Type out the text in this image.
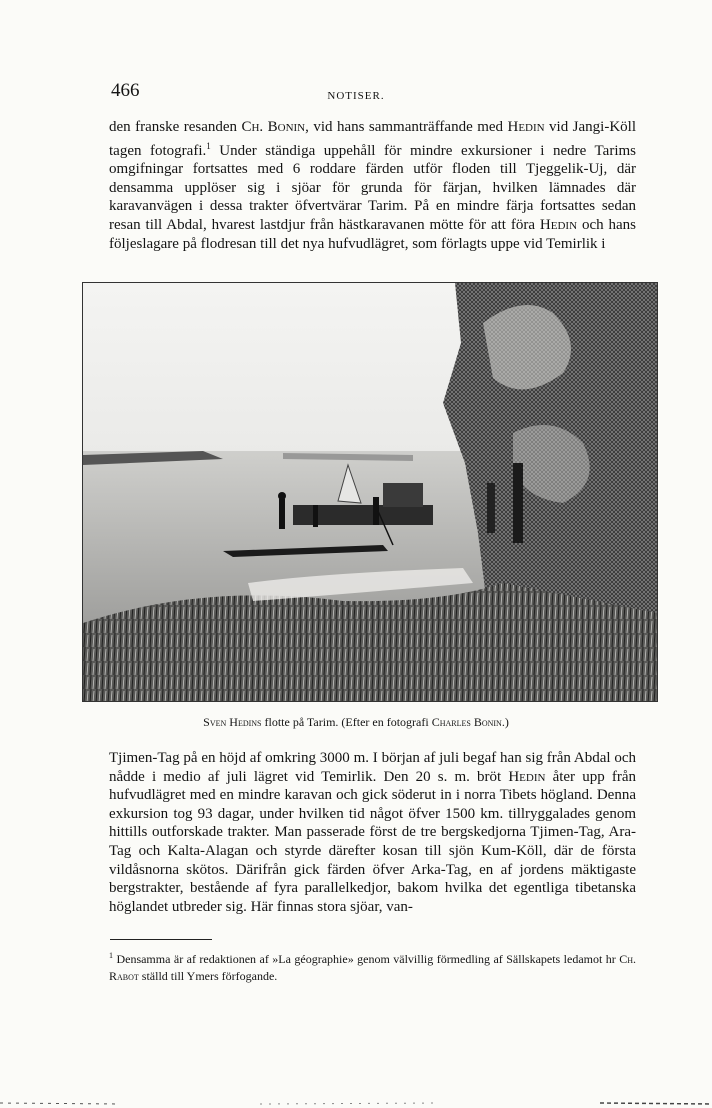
466	NOTISER.

den franske resanden Ch. Bonin, vid hans sammanträffande med Hedin vid Jangi-Köll tagen fotografi.$^1$ Under ständiga uppehåll för mindre exkursioner i nedre Tarims omgifningar fortsattes med 6 roddare färden utför floden till Tjeggelik-Uj, där densamma upplöser sig i sjöar för grunda för färjan, hvilken lämnades där karavanvägen i dessa trakter öfvertvärar Tarim. På en mindre färja fortsattes sedan resan till Abdal, hvarest lastdjur från hästkaravanen mötte för att föra Hedin och hans följeslagare på flodresan till det nya hufvudlägret, som förlagts uppe vid Temirlik i

Sven Hedins flotte på Tarim. (Efter en fotografi Charles Bonin.)

Tjimen-Tag på en höjd af omkring 3000 m. I början af juli begaf han sig från Abdal och nådde i medio af juli lägret vid Temirlik. Den 20 s. m. bröt Hedin åter upp från hufvudlägret med en mindre karavan och gick söderut in i norra Tibets högland. Denna exkursion tog 93 dagar, under hvilken tid något öfver 1500 km. tillryggalades genom hittills outforskade trakter. Man passerade först de tre bergskedjorna Tjimen-Tag, Ara-Tag och Kalta-Alagan och styrde därefter kosan till sjön Kum-Köll, där de första vildåsnorna skötos. Därifrån gick färden öfver Arka-Tag, en af jordens mäktigaste bergstrakter, bestående af fyra parallelkedjor, bakom hvilka det egentliga tibetanska höglandet utbreder sig. Här finnas stora sjöar, van-

$^1$ Densamma är af redaktionen af »La géographie» genom välvillig förmedling af Sällskapets ledamot hr Ch. Rabot ställd till Ymers förfogande.
